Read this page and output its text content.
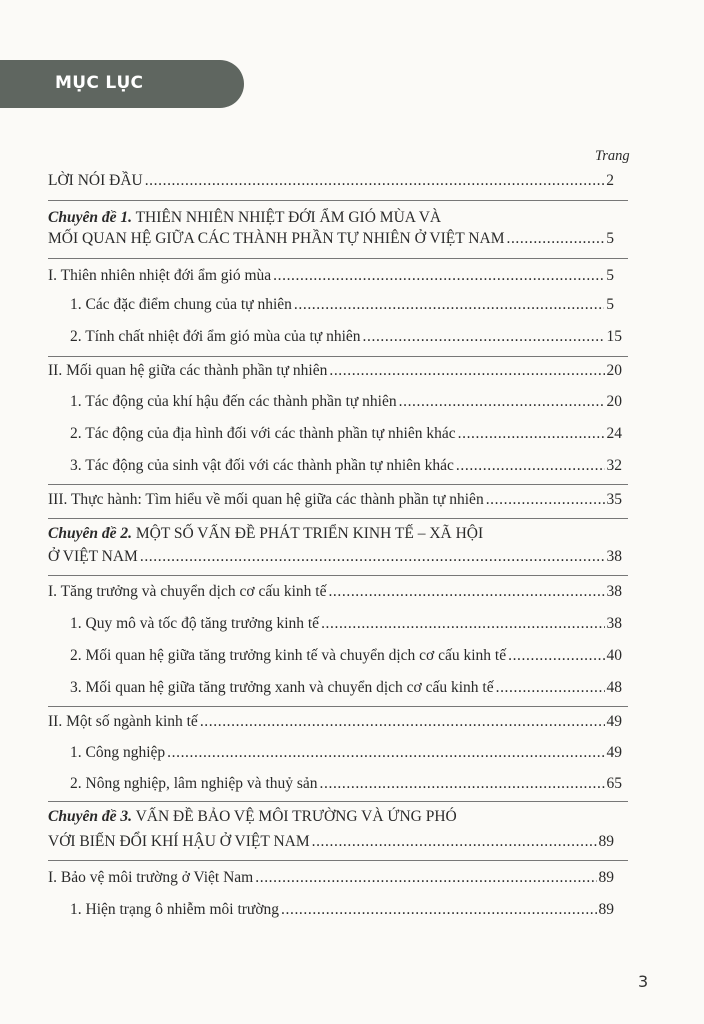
MỤC LỤC
Trang
LỜI NÓI ĐẦU .....	2
Chuyên đề 1. THIÊN NHIÊN NHIỆT ĐỚI ẨM GIÓ MÙA VÀ
MỐI QUAN HỆ GIỮA CÁC THÀNH PHẦN TỰ NHIÊN Ở VIỆT NAM .....	5
I. Thiên nhiên nhiệt đới ẩm gió mùa .....	5
1. Các đặc điểm chung của tự nhiên .....	5
2. Tính chất nhiệt đới ẩm gió mùa của tự nhiên .....	15
II. Mối quan hệ giữa các thành phần tự nhiên .....	20
1. Tác động của khí hậu đến các thành phần tự nhiên .....	20
2. Tác động của địa hình đối với các thành phần tự nhiên khác .....	24
3. Tác động của sinh vật đối với các thành phần tự nhiên khác .....	32
III. Thực hành: Tìm hiểu về mối quan hệ giữa các thành phần tự nhiên .....	35
Chuyên đề 2. MỘT SỐ VẤN ĐỀ PHÁT TRIỂN KINH TẾ – XÃ HỘI
Ở VIỆT NAM .....	38
I. Tăng trưởng và chuyển dịch cơ cấu kinh tế .....	38
1. Quy mô và tốc độ tăng trưởng kinh tế .....	38
2. Mối quan hệ giữa tăng trưởng kinh tế và chuyển dịch cơ cấu kinh tế .....	40
3. Mối quan hệ giữa tăng trưởng xanh và chuyển dịch cơ cấu kinh tế .....	48
II. Một số ngành kinh tế .....	49
1. Công nghiệp .....	49
2. Nông nghiệp, lâm nghiệp và thuỷ sản .....	65
Chuyên đề 3. VẤN ĐỀ BẢO VỆ MÔI TRƯỜNG VÀ ỨNG PHÓ
VỚI BIẾN ĐỔI KHÍ HẬU Ở VIỆT NAM .....	89
I. Bảo vệ môi trường ở Việt Nam .....	89
1. Hiện trạng ô nhiễm môi trường .....	89
3
